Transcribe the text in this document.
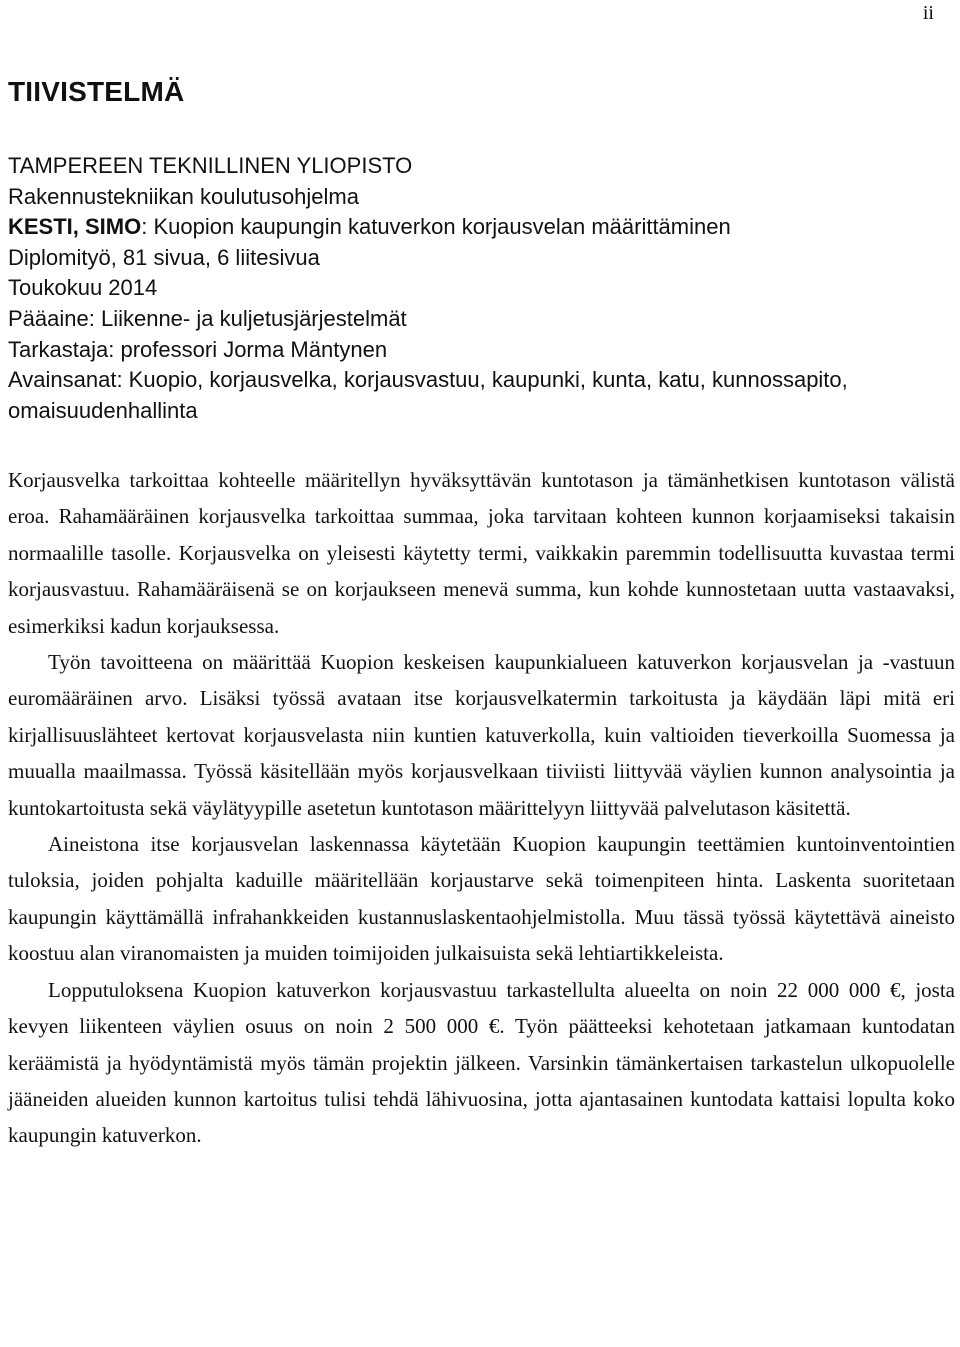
ii
TIIVISTELMÄ
TAMPEREEN TEKNILLINEN YLIOPISTO
Rakennustekniikan koulutusohjelma
KESTI, SIMO: Kuopion kaupungin katuverkon korjausvelan määrittäminen
Diplomityö, 81 sivua, 6 liitesivua
Toukokuu 2014
Pääaine: Liikenne- ja kuljetusjärjestelmät
Tarkastaja: professori Jorma Mäntynen
Avainsanat: Kuopio, korjausvelka, korjausvastuu, kaupunki, kunta, katu, kunnossapito, omaisuudenhallinta

Korjausvelka tarkoittaa kohteelle määritellyn hyväksyttävän kuntotason ja tämänhetkisen kuntotason välistä eroa. Rahamääräinen korjausvelka tarkoittaa summaa, joka tarvitaan kohteen kunnon korjaamiseksi takaisin normaalille tasolle. Korjausvelka on yleisesti käytetty termi, vaikkakin paremmin todellisuutta kuvastaa termi korjausvastuu. Rahamääräisenä se on korjaukseen menevä summa, kun kohde kunnostetaan uutta vastaavaksi, esimerkiksi kadun korjauksessa.

Työn tavoitteena on määrittää Kuopion keskeisen kaupunkialueen katuverkon korjausvelan ja -vastuun euromääräinen arvo. Lisäksi työssä avataan itse korjausvelkatermin tarkoitusta ja käydään läpi mitä eri kirjallisuuslähteet kertovat korjausvelasta niin kuntien katuverkolla, kuin valtioiden tieverkoilla Suomessa ja muualla maailmassa. Työssä käsitellään myös korjausvelkaan tiiviisti liittyvää väylien kunnon analysointia ja kuntokartoitusta sekä väylätyypille asetetun kuntotason määrittelyyn liittyvää palvelutason käsitettä.

Aineistona itse korjausvelan laskennassa käytetään Kuopion kaupungin teettämien kuntoinventointien tuloksia, joiden pohjalta kaduille määritellään korjaustarve sekä toimenpiteen hinta. Laskenta suoritetaan kaupungin käyttämällä infrahankkeiden kustannuslaskentaohjelmistolla. Muu tässä työssä käytettävä aineisto koostuu alan viranomaisten ja muiden toimijoiden julkaisuista sekä lehtiartikkeleista.

Lopputuloksena Kuopion katuverkon korjausvastuu tarkastellulta alueelta on noin 22 000 000 €, josta kevyen liikenteen väylien osuus on noin 2 500 000 €. Työn päätteeksi kehotetaan jatkamaan kuntodatan keräämistä ja hyödyntämistä myös tämän projektin jälkeen. Varsinkin tämänkertaisen tarkastelun ulkopuolelle jääneiden alueiden kunnon kartoitus tulisi tehdä lähivuosina, jotta ajantasainen kuntodata kattaisi lopulta koko kaupungin katuverkon.
